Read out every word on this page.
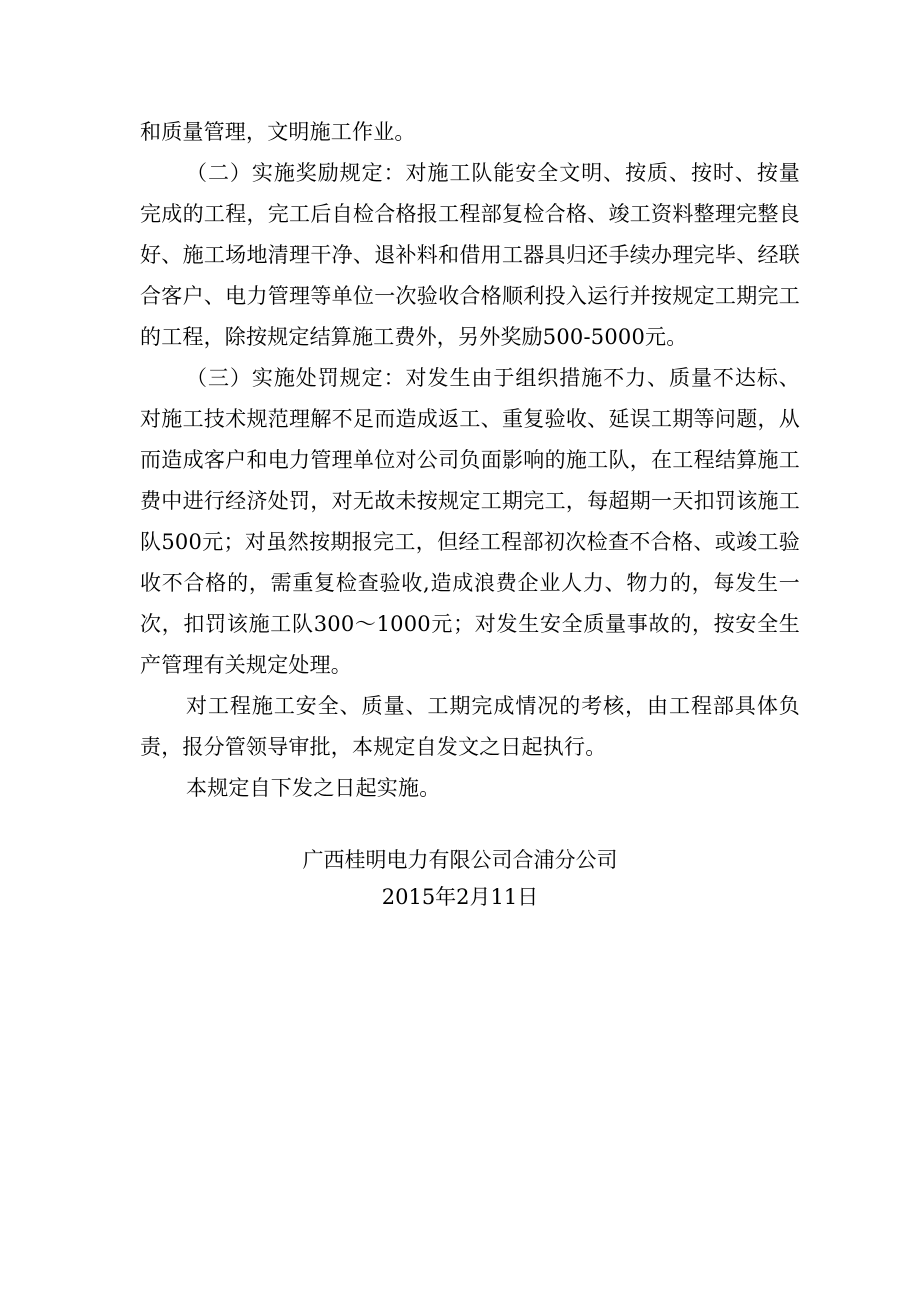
和质量管理，文明施工作业。

（二）实施奖励规定：对施工队能安全文明、按质、按时、按量完成的工程，完工后自检合格报工程部复检合格、竣工资料整理完整良好、施工场地清理干净、退补料和借用工器具归还手续办理完毕、经联合客户、电力管理等单位一次验收合格顺利投入运行并按规定工期完工的工程，除按规定结算施工费外，另外奖励500-5000元。

（三）实施处罚规定：对发生由于组织措施不力、质量不达标、对施工技术规范理解不足而造成返工、重复验收、延误工期等问题，从而造成客户和电力管理单位对公司负面影响的施工队，在工程结算施工费中进行经济处罚，对无故未按规定工期完工，每超期一天扣罚该施工队500元；对虽然按期报完工，但经工程部初次检查不合格、或竣工验收不合格的，需重复检查验收,造成浪费企业人力、物力的，每发生一次，扣罚该施工队300～1000元；对发生安全质量事故的，按安全生产管理有关规定处理。

对工程施工安全、质量、工期完成情况的考核，由工程部具体负责，报分管领导审批，本规定自发文之日起执行。

本规定自下发之日起实施。

广西桂明电力有限公司合浦分公司
2015年2月11日
